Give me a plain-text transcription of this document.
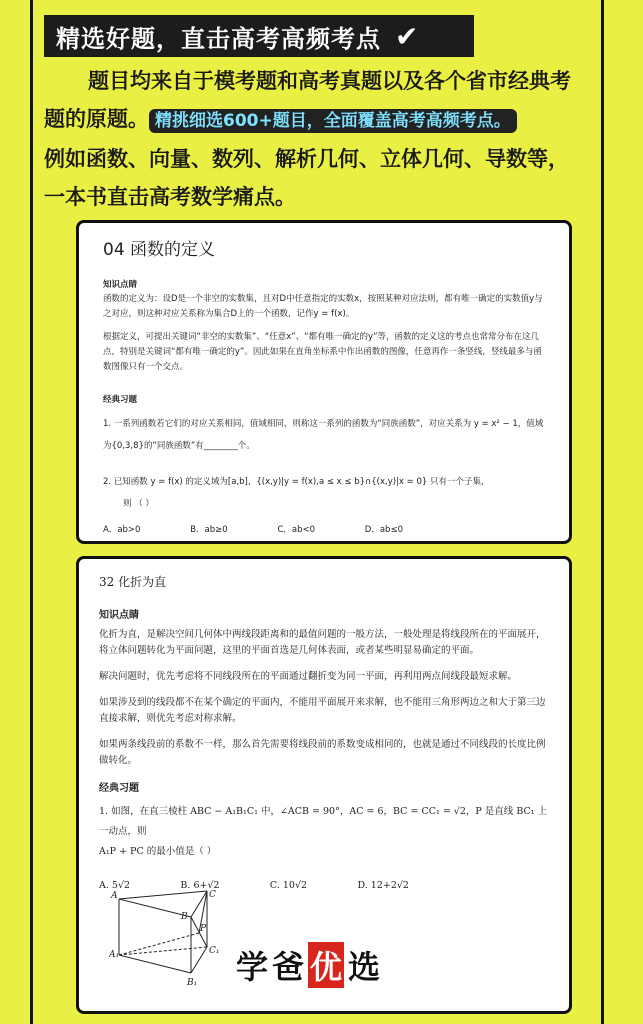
精选好题，直击高考高频考点 ✔

题目均来自于模考题和高考真题以及各个省市经典考

题的原题。 精挑细选600+题目，全面覆盖高考高频考点。

例如函数、向量、数列、解析几何、立体几何、导数等，

一本书直击高考数学痛点。

04 函数的定义
知识点睛

函数的定义为：设D是一个非空的实数集，且对D中任意指定的实数x，按照某种对应法则，都有唯一确定的实数值y与之对应，则这种对应关系称为集合D上的一个函数，记作y = f(x)。

根据定义，可提出关键词“非空的实数集”、“任意x”、“都有唯一确定的y”等，函数的定义这的考点也常常分布在这几点，特别是关键词“都有唯一确定的y”。因此如果在直角坐标系中作出函数的图像，任意再作一条竖线，竖线最多与函数图像只有一个交点。

经典习题

1. 一系列函数若它们的对应关系相同，值域相同，则称这一系列的函数为“同族函数”，对应关系为 y = x² − 1，值域为{0,3,8}的“同族函数”有________个。

2. 已知函数 y = f(x) 的定义域为[a,b]，{(x,y)|y = f(x),a ≤ x ≤ b}∩{(x,y)|x = 0} 只有一个子集，

则 （ ）

A．ab>0	B．ab≥0	C．ab<0	D．ab≤0
32 化折为直
知识点睛

化折为直，是解决空间几何体中两线段距离和的最值问题的一般方法，一般处理是将线段所在的平面展开，将立体问题转化为平面问题，这里的平面首选是几何体表面，或者某些明显易确定的平面。

解决问题时，优先考虑将不同线段所在的平面通过翻折变为同一平面，再利用两点间线段最短求解。

如果涉及到的线段都不在某个确定的平面内，不能用平面展开来求解，也不能用三角形两边之和大于第三边直接求解，则优先考虑对称求解。

如果两条线段前的系数不一样，那么首先需要将线段前的系数变成相同的，也就是通过不同线段的长度比例做转化。

经典习题

1. 如图，在直三棱柱 ABC − A₁B₁C₁ 中，∠ACB = 90°，AC = 6，BC = CC₁ = √2，P 是直线 BC₁ 上一动点，则

A₁P + PC 的最小值是（ ）

A. 5√2	B. 6+√2	C. 10√2	D. 12+2√2
A	C
B
P
A₁	C₁
B₁ 学 爸 优 选
